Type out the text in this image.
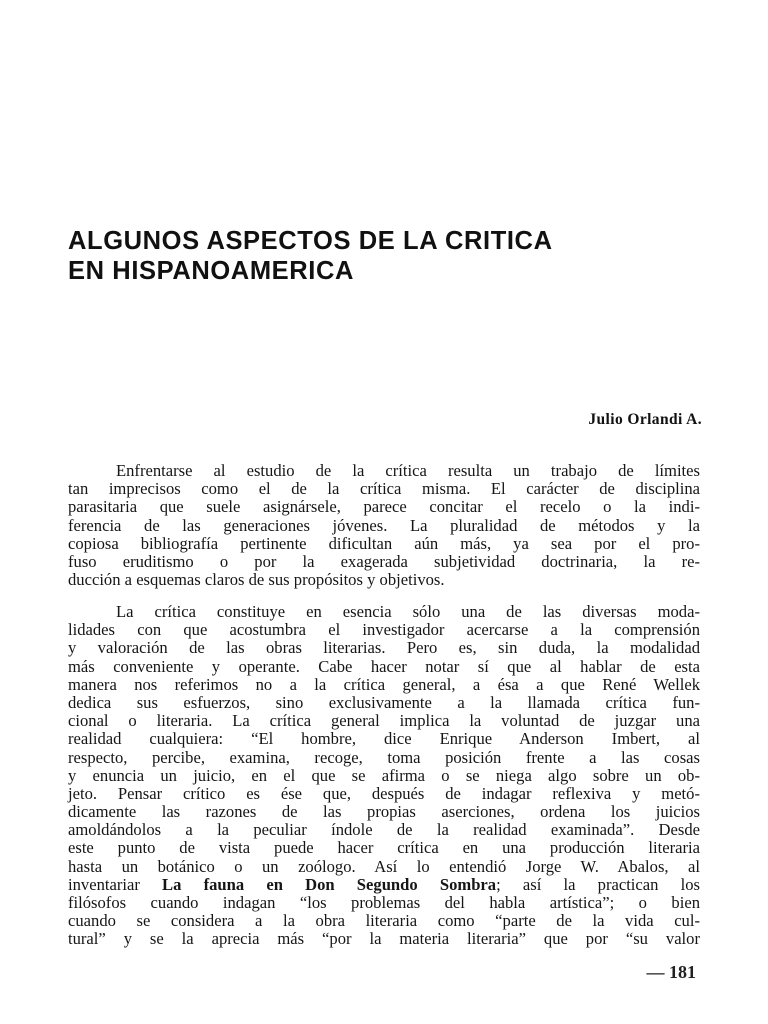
ALGUNOS ASPECTOS DE LA CRITICA
EN HISPANOAMERICA
Julio Orlandi A.
Enfrentarse al estudio de la crítica resulta un trabajo de límites
tan imprecisos como el de la crítica misma. El carácter de disciplina
parasitaria que suele asignársele, parece concitar el recelo o la indi-
ferencia de las generaciones jóvenes. La pluralidad de métodos y la
copiosa bibliografía pertinente dificultan aún más, ya sea por el pro-
fuso eruditismo o por la exagerada subjetividad doctrinaria, la re-
ducción a esquemas claros de sus propósitos y objetivos.
La crítica constituye en esencia sólo una de las diversas moda-
lidades con que acostumbra el investigador acercarse a la comprensión
y valoración de las obras literarias. Pero es, sin duda, la modalidad
más conveniente y operante. Cabe hacer notar sí que al hablar de esta
manera nos referimos no a la crítica general, a ésa a que René Wellek
dedica sus esfuerzos, sino exclusivamente a la llamada crítica fun-
cional o literaria. La crítica general implica la voluntad de juzgar una
realidad cualquiera: “El hombre, dice Enrique Anderson Imbert, al
respecto, percibe, examina, recoge, toma posición frente a las cosas
y enuncia un juicio, en el que se afirma o se niega algo sobre un ob-
jeto. Pensar crítico es ése que, después de indagar reflexiva y metó-
dicamente las razones de las propias aserciones, ordena los juicios
amoldándolos a la peculiar índole de la realidad examinada”. Desde
este punto de vista puede hacer crítica en una producción literaria
hasta un botánico o un zoólogo. Así lo entendió Jorge W. Abalos, al
inventariar La fauna en Don Segundo Sombra; así la practican los
filósofos cuando indagan “los problemas del habla artística”; o bien
cuando se considera a la obra literaria como “parte de la vida cul-
tural” y se la aprecia más “por la materia literaria” que por “su valor
— 181
